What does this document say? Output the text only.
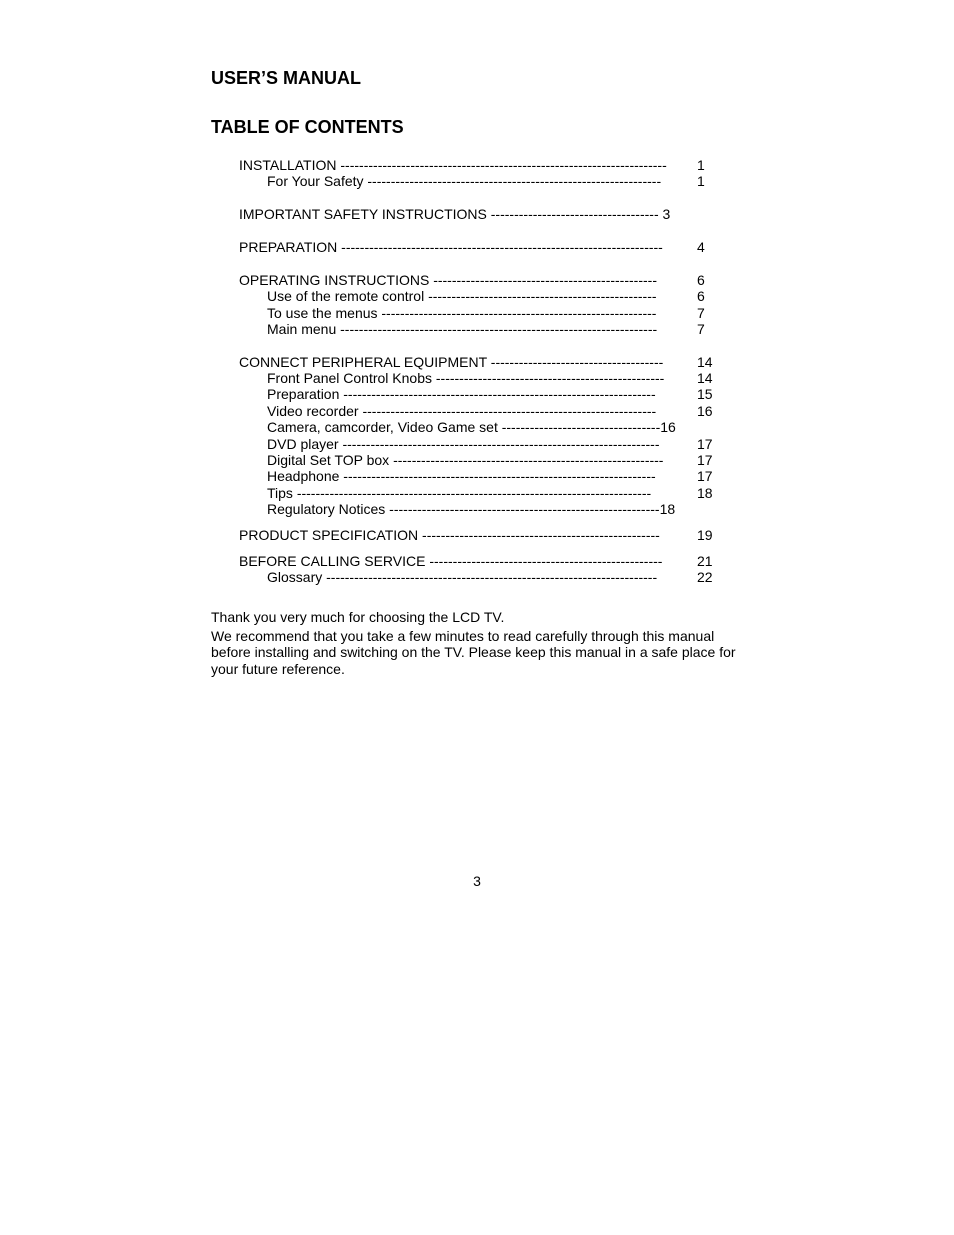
USER’S MANUAL
TABLE OF CONTENTS
INSTALLATION ---------------------------------------------------------------------- 1
For Your Safety ---------------------------------------------------------------	1
IMPORTANT SAFETY INSTRUCTIONS ------------------------------------ 3
PREPARATION --------------------------------------------------------------------- 4
OPERATING INSTRUCTIONS ------------------------------------------------	6
Use of the remote control -------------------------------------------------	6
To use the menus -----------------------------------------------------------	7
Main menu --------------------------------------------------------------------	7
CONNECT PERIPHERAL EQUIPMENT ------------------------------------- 14
Front Panel Control Knobs ------------------------------------------------- 14
Preparation -------------------------------------------------------------------	15
Video recorder ---------------------------------------------------------------	16
Camera, camcorder, Video Game set ----------------------------------16
DVD player --------------------------------------------------------------------	17
Digital Set TOP box ---------------------------------------------------------- 17
Headphone -------------------------------------------------------------------	17
Tips ----------------------------------------------------------------------------	18
Regulatory Notices ----------------------------------------------------------18
PRODUCT SPECIFICATION ---------------------------------------------------	19
BEFORE CALLING SERVICE -------------------------------------------------- 21
Glossary -----------------------------------------------------------------------	22

Thank you very much for choosing the LCD TV.

We recommend that you take a few minutes to read carefully through this manual before installing and switching on the TV. Please keep this manual in a safe place for your future reference.

3
